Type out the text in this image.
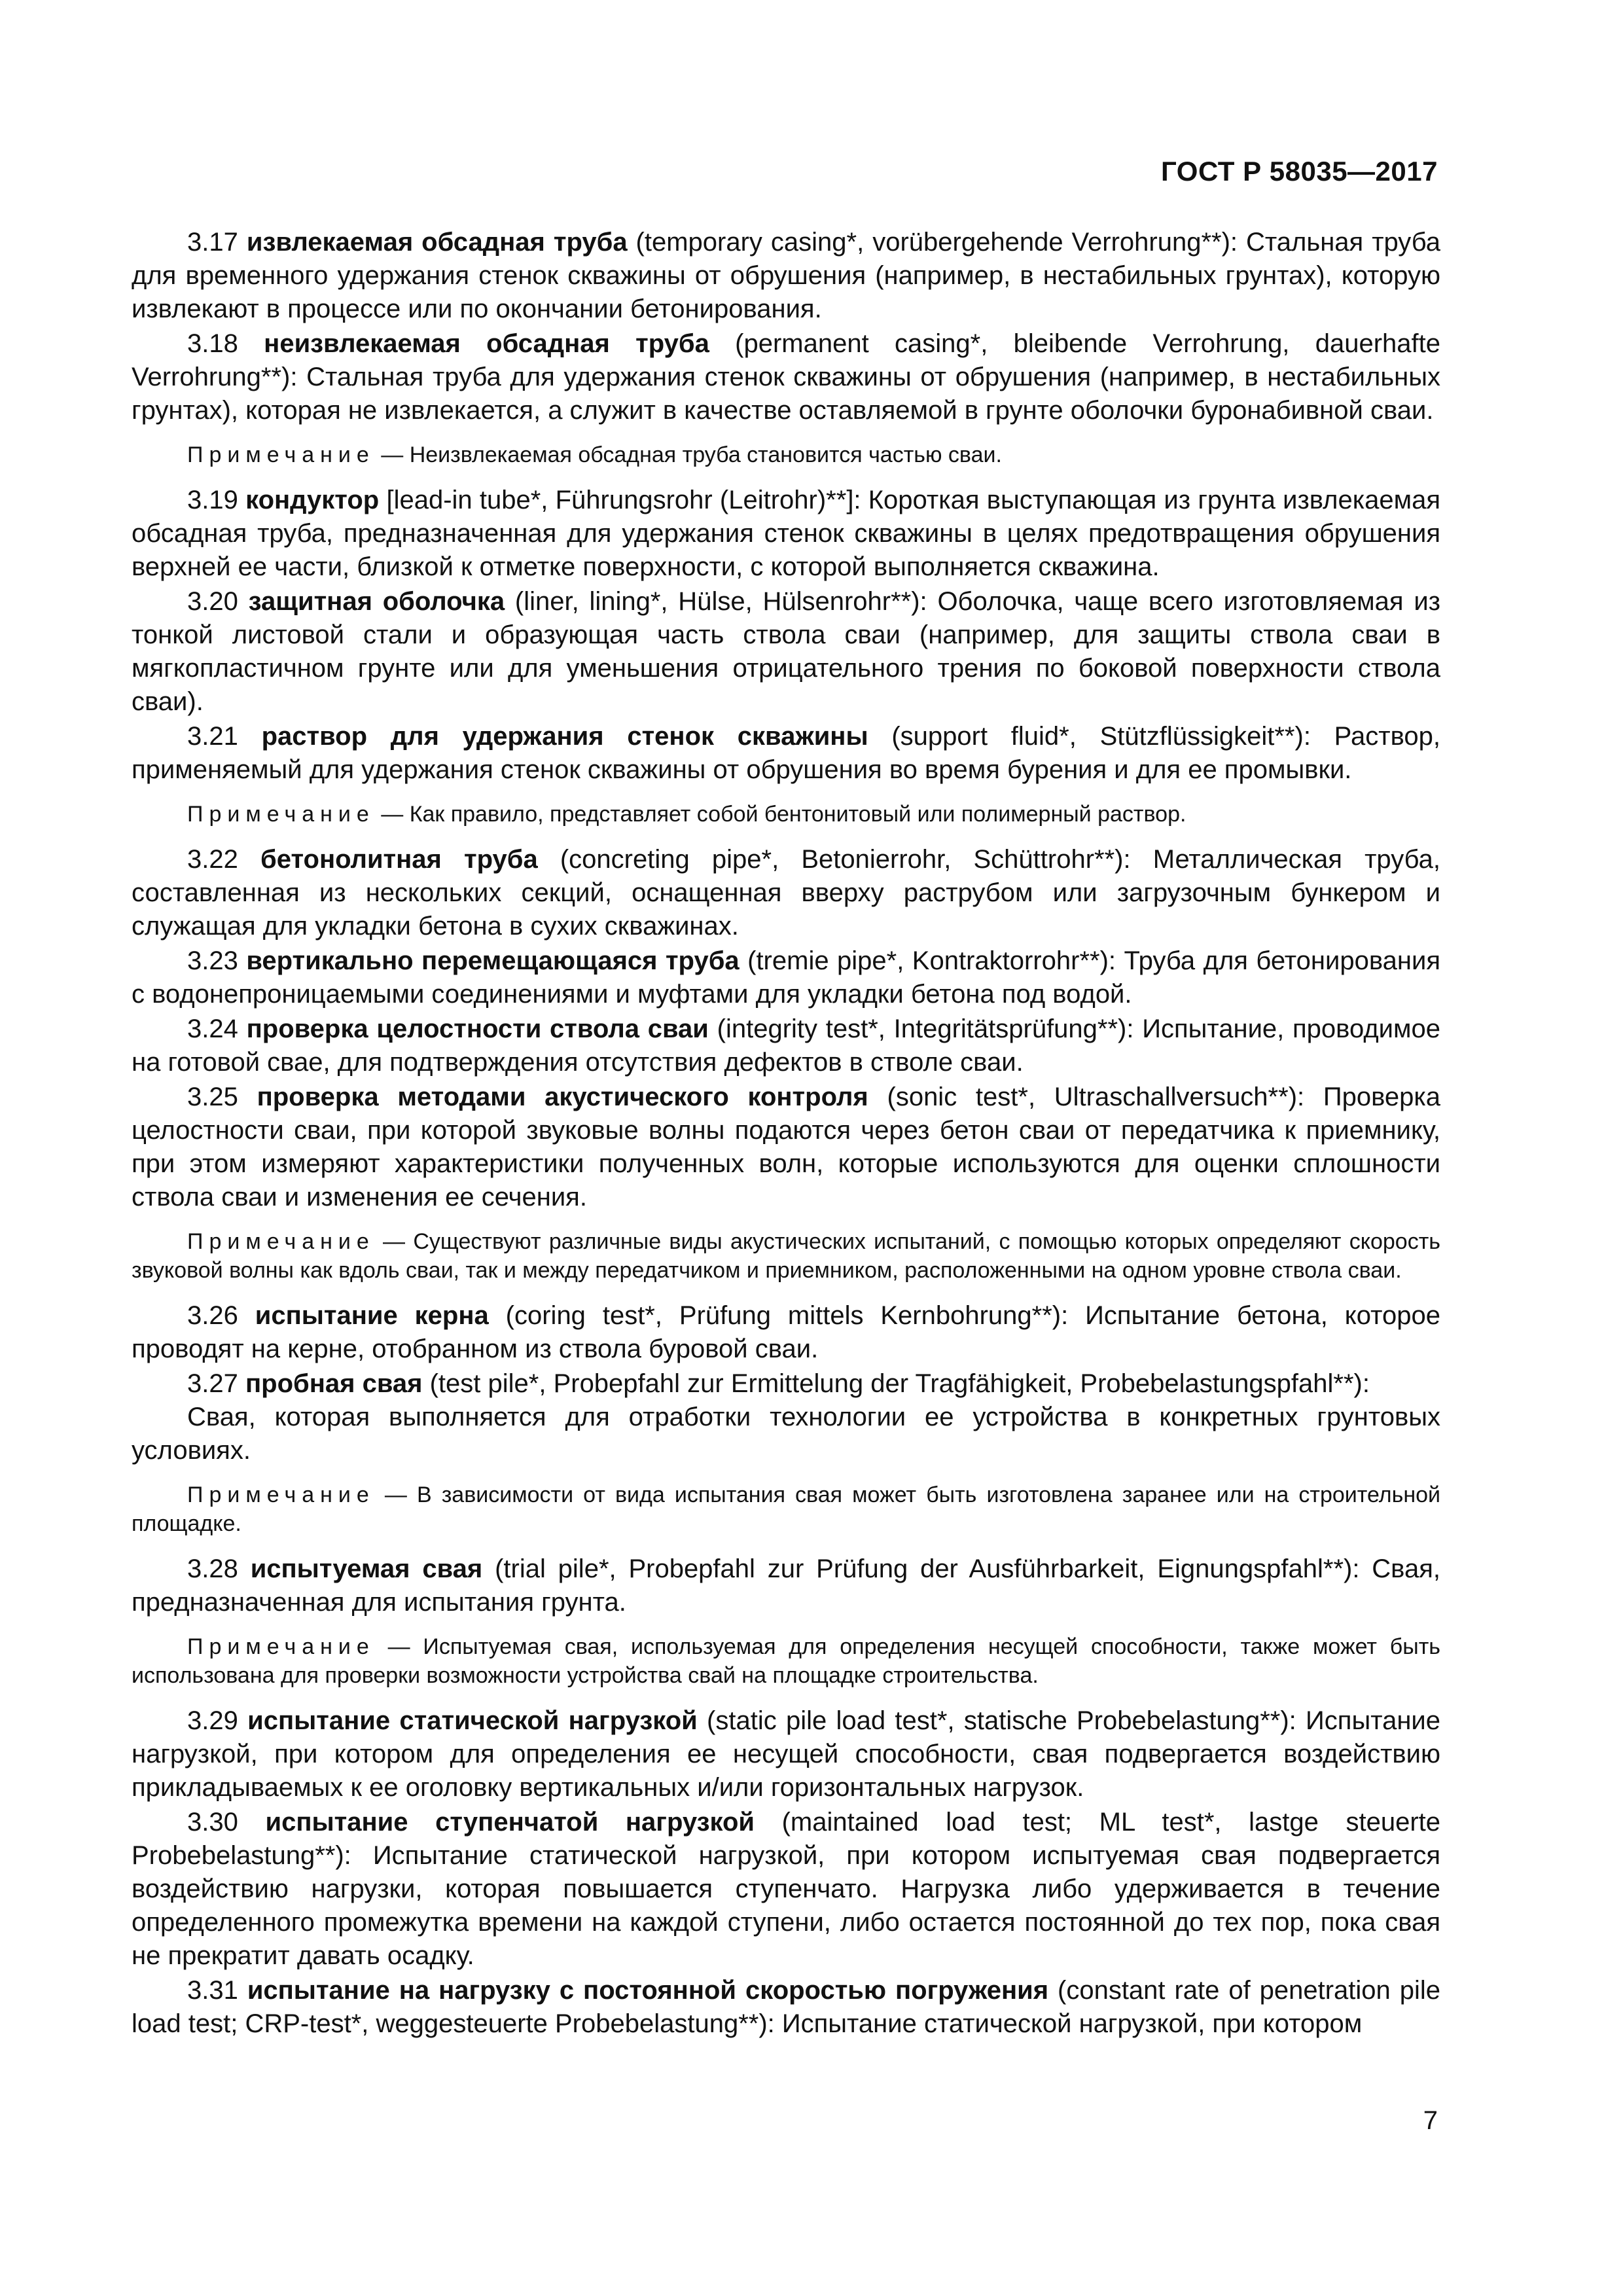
ГОСТ Р 58035—2017

3.17 извлекаемая обсадная труба (temporary casing*, vorübergehende Verrohrung**): Стальная труба для временного удержания стенок скважины от обрушения (например, в нестабильных грунтах), которую извлекают в процессе или по окончании бетонирования.

3.18 неизвлекаемая обсадная труба (permanent casing*, bleibende Verrohrung, dauerhafte Verrohrung**): Стальная труба для удержания стенок скважины от обрушения (например, в нестабильных грунтах), которая не извлекается, а служит в качестве оставляемой в грунте оболочки буронабивной сваи.

Примечание — Неизвлекаемая обсадная труба становится частью сваи.

3.19 кондуктор [lead-in tube*, Führungsrohr (Leitrohr)**]: Короткая выступающая из грунта извлекаемая обсадная труба, предназначенная для удержания стенок скважины в целях предотвращения обрушения верхней ее части, близкой к отметке поверхности, с которой выполняется скважина.

3.20 защитная оболочка (liner, lining*, Hülse, Hülsenrohr**): Оболочка, чаще всего изготовляемая из тонкой листовой стали и образующая часть ствола сваи (например, для защиты ствола сваи в мягкопластичном грунте или для уменьшения отрицательного трения по боковой поверхности ствола сваи).

3.21 раствор для удержания стенок скважины (support fluid*, Stützflüssigkeit**): Раствор, применяемый для удержания стенок скважины от обрушения во время бурения и для ее промывки.

Примечание — Как правило, представляет собой бентонитовый или полимерный раствор.

3.22 бетонолитная труба (concreting pipe*, Betonierrohr, Schüttrohr**): Металлическая труба, составленная из нескольких секций, оснащенная вверху раструбом или загрузочным бункером и служащая для укладки бетона в сухих скважинах.

3.23 вертикально перемещающаяся труба (tremie pipe*, Kontraktorrohr**): Труба для бетонирования с водонепроницаемыми соединениями и муфтами для укладки бетона под водой.

3.24 проверка целостности ствола сваи (integrity test*, Integritätsprüfung**): Испытание, проводимое на готовой свае, для подтверждения отсутствия дефектов в стволе сваи.

3.25 проверка методами акустического контроля (sonic test*, Ultraschallversuch**): Проверка целостности сваи, при которой звуковые волны подаются через бетон сваи от передатчика к приемнику, при этом измеряют характеристики полученных волн, которые используются для оценки сплошности ствола сваи и изменения ее сечения.

Примечание — Существуют различные виды акустических испытаний, с помощью которых определяют скорость звуковой волны как вдоль сваи, так и между передатчиком и приемником, расположенными на одном уровне ствола сваи.

3.26 испытание керна (coring test*, Prüfung mittels Kernbohrung**): Испытание бетона, которое проводят на керне, отобранном из ствола буровой сваи.

3.27 пробная свая (test pile*, Probepfahl zur Ermittelung der Tragfähigkeit, Probebelastungspfahl**):

Свая, которая выполняется для отработки технологии ее устройства в конкретных грунтовых условиях.

Примечание — В зависимости от вида испытания свая может быть изготовлена заранее или на строительной площадке.

3.28 испытуемая свая (trial pile*, Probepfahl zur Prüfung der Ausführbarkeit, Eignungspfahl**): Свая, предназначенная для испытания грунта.

Примечание — Испытуемая свая, используемая для определения несущей способности, также может быть использована для проверки возможности устройства свай на площадке строительства.

3.29 испытание статической нагрузкой (static pile load test*, statische Probebelastung**): Испытание нагрузкой, при котором для определения ее несущей способности, свая подвергается воздействию прикладываемых к ее оголовку вертикальных и/или горизонтальных нагрузок.

3.30 испытание ступенчатой нагрузкой (maintained load test; ML test*, lastge steuerte Probebelastung**): Испытание статической нагрузкой, при котором испытуемая свая подвергается воздействию нагрузки, которая повышается ступенчато. Нагрузка либо удерживается в течение определенного промежутка времени на каждой ступени, либо остается постоянной до тех пор, пока свая не прекратит давать осадку.

3.31 испытание на нагрузку с постоянной скоростью погружения (constant rate of penetration pile load test; CRP-test*, weggesteuerte Probebelastung**): Испытание статической нагрузкой, при котором

7
